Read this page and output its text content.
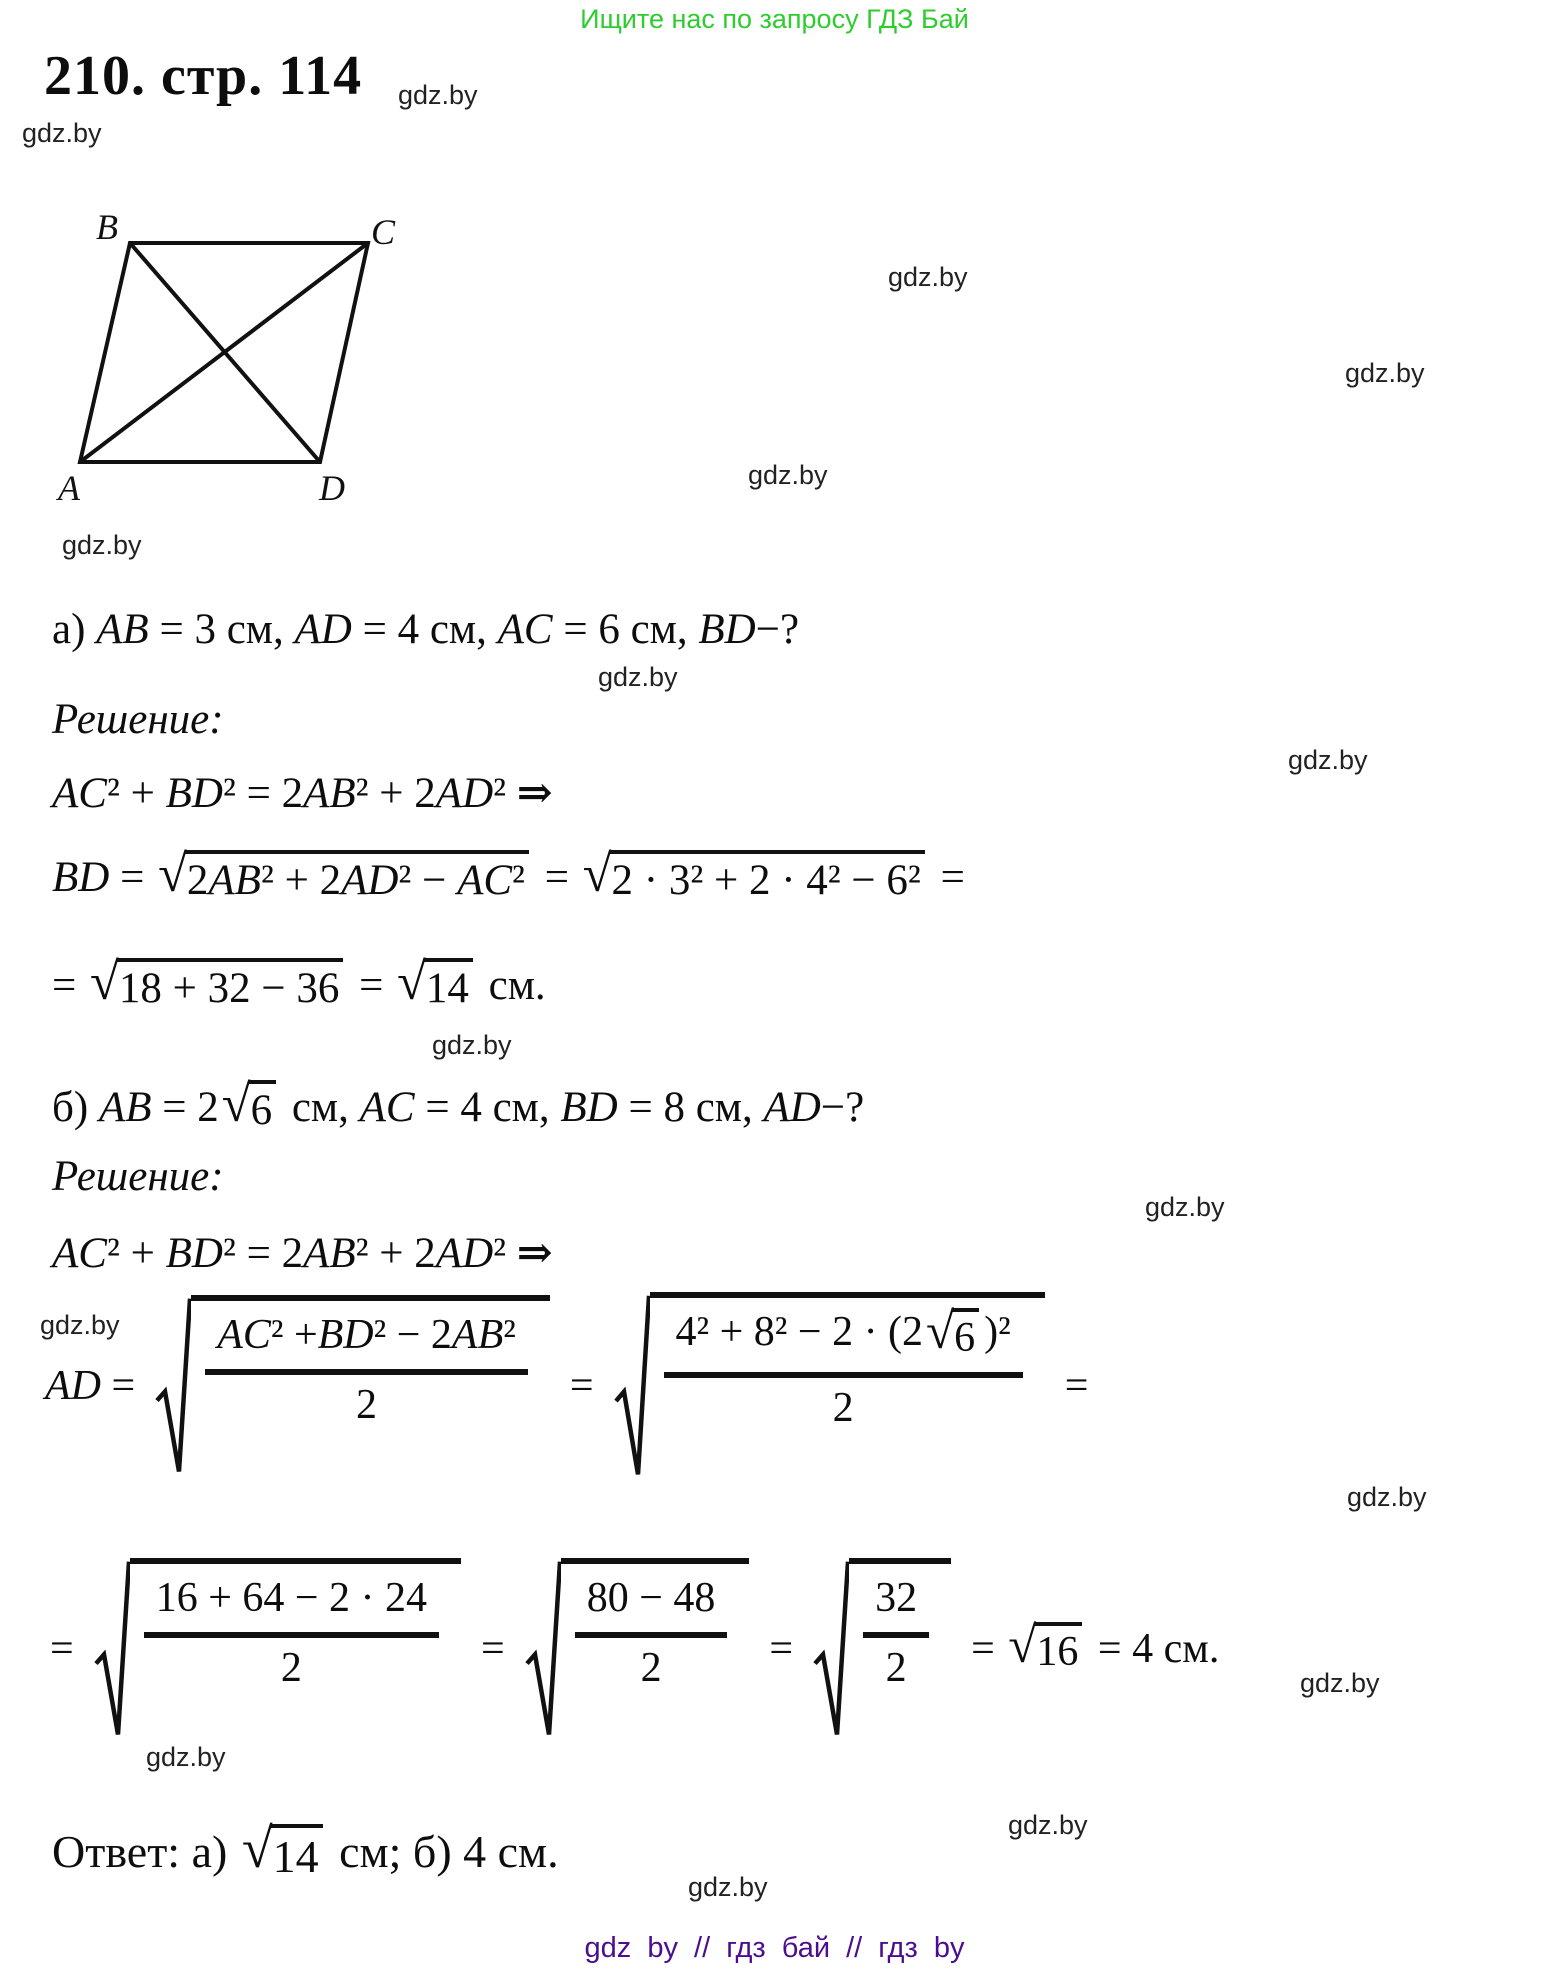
Ищите нас по запросу ГДЗ Бай
210. стр. 114 gdz.by
gdz.by
gdz.by
gdz.by
gdz.by
gdz.by
B	C
A	D
а) AB = 3 см, AD = 4 см, AC = 6 см, BD−?
gdz.by
Решение:
gdz.by
AC² + BD² = 2AB² + 2AD² ⇒
BD = √ 2AB² + 2AD² − AC² = √ 2 · 3² + 2 · 4² − 6² =
= √ 18 + 32 − 36 = √ 14 см.
gdz.by
б) AB = 2 √ 6 см, AC = 4 см, BD = 8 см, AD−?
Решение:
gdz.by
AC² + BD² = 2AB² + 2AD² ⇒
gdz.by
AD =
AC ² + BD ² − 2 AB ²
2	=
4² + 8² − 2 · (2 √ 6 )²
2	=
gdz.by
=
16 + 64 − 2 · 24
2	=
80 − 48
2	=
32
2 = √ 16 = 4 см.
gdz.by
gdz.by
gdz.by
Ответ: а) √ 14 см; б) 4 см.
gdz.by
gdz by // гдз бай // гдз by
